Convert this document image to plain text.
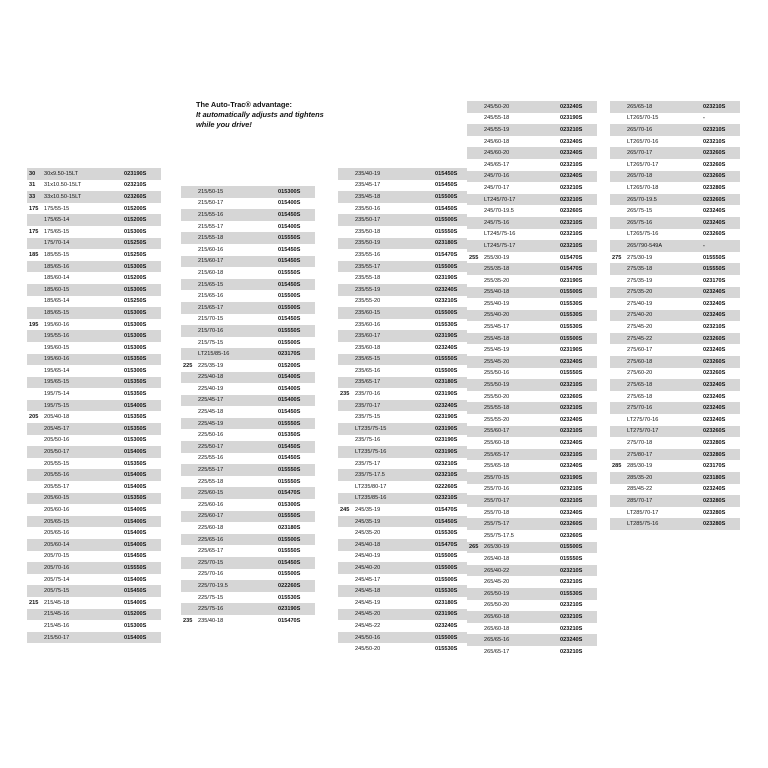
The Auto-Trac® advantage:
It automatically adjusts and tightens
while you drive!
30	30x9.50-15LT	023190S
31	31x10.50-15LT	023210S
33	33x10.50-15LT	023260S
175	175/55-15	015200S
175/65-14	015200S
175	175/65-15	015300S
175/70-14	015250S
185	185/55-15	015250S
185/65-16	015300S
185/60-14	015200S
185/60-15	015300S
185/65-14	015250S
185/65-15	015300S
195	195/60-16	015300S
195/55-16	015300S
195/60-15	015300S
195/60-16	015350S
195/65-14	015300S
195/65-15	015350S
195/75-14	015350S
195/75-15	015400S
205	205/40-18	015350S
205/45-17	015350S
205/50-16	015300S
205/50-17	015400S
205/55-15	015350S
205/55-16	015400S
205/55-17	015400S
205/60-15	015350S
205/60-16	015400S
205/65-15	015400S
205/65-16	015400S
205/60-14	015400S
205/70-15	015450S
205/70-16	015550S
205/75-14	015400S
205/75-15	015450S
215	215/45-18	015400S
215/45-16	015200S
215/45-16	015300S
215/50-17	015400S
215/50-15	015300S
215/50-17	015400S
215/55-16	015450S
215/55-17	015400S
215/55-18	015550S
215/60-16	015450S
215/60-17	015450S
215/60-18	015550S
215/65-15	015450S
215/65-16	015500S
215/65-17	015500S
215/70-15	015450S
215/70-16	015550S
215/75-15	015500S
LT215/85-16	023170S
225	225/35-19	015200S
225/40-18	015400S
225/40-19	015400S
225/45-17	015400S
225/45-18	015450S
225/45-19	015550S
225/50-16	015350S
225/50-17	015450S
225/55-16	015450S
225/55-17	015550S
225/55-18	015550S
225/60-15	015470S
225/60-16	015300S
225/60-17	015550S
225/60-18	023180S
225/65-16	015500S
225/65-17	015550S
225/70-15	015450S
225/70-16	015500S
225/70-19.5	022260S
225/75-15	015530S
225/75-16	023190S
235	235/40-18	015470S
235/40-19	015450S
235/45-17	015450S
235/45-18	015500S
235/50-16	015450S
235/50-17	015500S
235/50-18	015550S
235/50-19	023180S
235/55-16	015470S
235/55-17	015500S
235/55-18	023190S
235/55-19	023240S
235/55-20	023210S
235/60-15	015500S
235/60-16	015530S
235/60-17	023190S
235/60-18	023240S
235/65-15	015550S
235/65-16	015500S
235/65-17	023180S
235	235/70-16	023190S
235/70-17	023240S
235/75-15	023190S
LT235/75-15	023190S
235/75-16	023190S
LT235/75-16	023190S
235/75-17	023210S
235/75-17.5	023210S
LT235/80-17	022260S
LT235/85-16	023210S
245	245/35-19	015470S
245/35-19	015450S
245/35-20	015530S
245/40-18	015470S
245/40-19	015500S
245/40-20	015500S
245/45-17	015500S
245/45-18	015530S
245/45-19	023180S
245/45-20	023190S
245/45-22	023240S
245/50-16	015500S
245/50-20	015530S
245/50-20	023240S
245/55-18	023190S
245/55-19	023210S
245/60-18	023240S
245/60-20	023240S
245/65-17	023210S
245/70-16	023240S
245/70-17	023210S
LT245/70-17	023210S
245/70-19.5	023260S
245/75-16	023210S
LT245/75-16	023210S
LT245/75-17	023210S
255	255/30-19	015470S
255/35-18	015470S
255/35-20	023190S
255/40-18	015500S
255/40-19	015530S
255/40-20	015530S
255/45-17	015530S
255/45-18	015500S
255/45-19	023190S
255/45-20	023240S
255/50-16	015550S
255/50-19	023210S
255/50-20	023260S
255/55-18	023210S
255/55-20	023240S
255/60-17	023210S
255/60-18	023240S
255/65-17	023210S
255/65-18	023240S
255/70-15	023190S
255/70-16	023210S
255/70-17	023210S
255/70-18	023240S
255/75-17	023260S
255/75-17.5	023260S
265	265/30-19	015500S
265/40-18	015550S
265/40-22	023210S
265/45-20	023210S
265/50-19	015530S
265/50-20	023210S
265/60-18	023210S
265/60-18	023210S
265/65-16	023240S
265/65-17	023210S
265/65-18	023210S
LT265/70-15	-
265/70-16	023210S
LT265/70-16	023210S
265/70-17	023260S
LT265/70-17	023260S
265/70-18	023260S
LT265/70-18	023280S
265/70-19.5	023260S
265/75-15	023240S
265/75-16	023240S
LT265/75-16	023260S
265/790-549A	-
275	275/30-19	015550S
275/35-18	015550S
275/35-19	023170S
275/35-20	023240S
275/40-19	023240S
275/40-20	023240S
275/45-20	023210S
275/45-22	023260S
275/60-17	023240S
275/60-18	023260S
275/60-20	023260S
275/65-18	023240S
275/65-18	023240S
275/70-16	023240S
LT275/70-16	023240S
LT275/70-17	023260S
275/70-18	023280S
275/80-17	023280S
285	285/30-19	023170S
285/35-20	023180S
285/45-22	023240S
285/70-17	023280S
LT285/70-17	023280S
LT285/75-16	023280S
